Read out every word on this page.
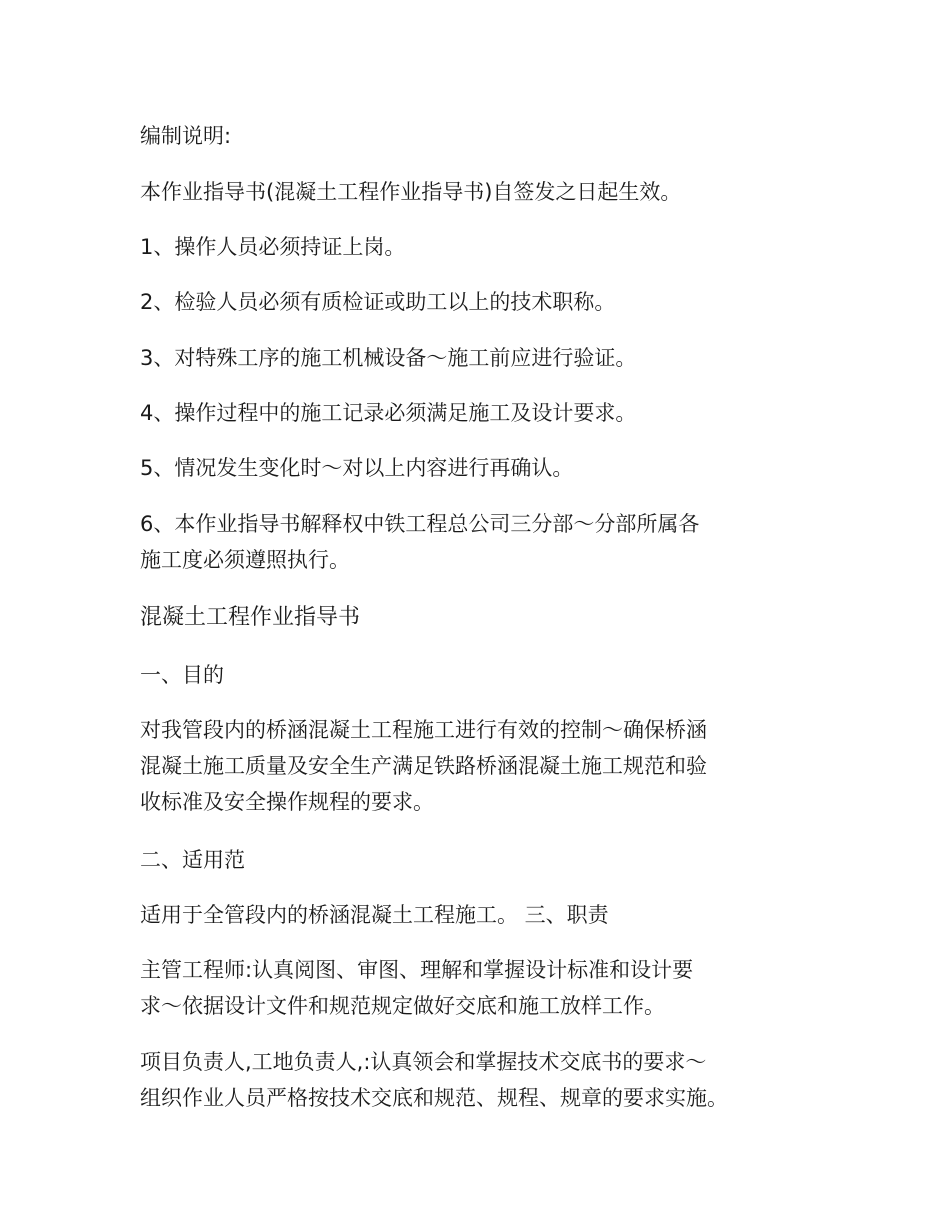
编制说明:

本作业指导书(混凝土工程作业指导书)自签发之日起生效。

1、操作人员必须持证上岗。

2、检验人员必须有质检证或助工以上的技术职称。

3、对特殊工序的施工机械设备～施工前应进行验证。

4、操作过程中的施工记录必须满足施工及设计要求。

5、情况发生变化时～对以上内容进行再确认。

6、本作业指导书解释权中铁工程总公司三分部～分部所属各
施工度必须遵照执行。

混凝土工程作业指导书

一、目的

对我管段内的桥涵混凝土工程施工进行有效的控制～确保桥涵
混凝土施工质量及安全生产满足铁路桥涵混凝土施工规范和验
收标准及安全操作规程的要求。

二、适用范

适用于全管段内的桥涵混凝土工程施工。 三、职责

主管工程师:认真阅图、审图、理解和掌握设计标准和设计要
求～依据设计文件和规范规定做好交底和施工放样工作。

项目负责人,工地负责人,:认真领会和掌握技术交底书的要求～
组织作业人员严格按技术交底和规范、规程、规章的要求实施。
